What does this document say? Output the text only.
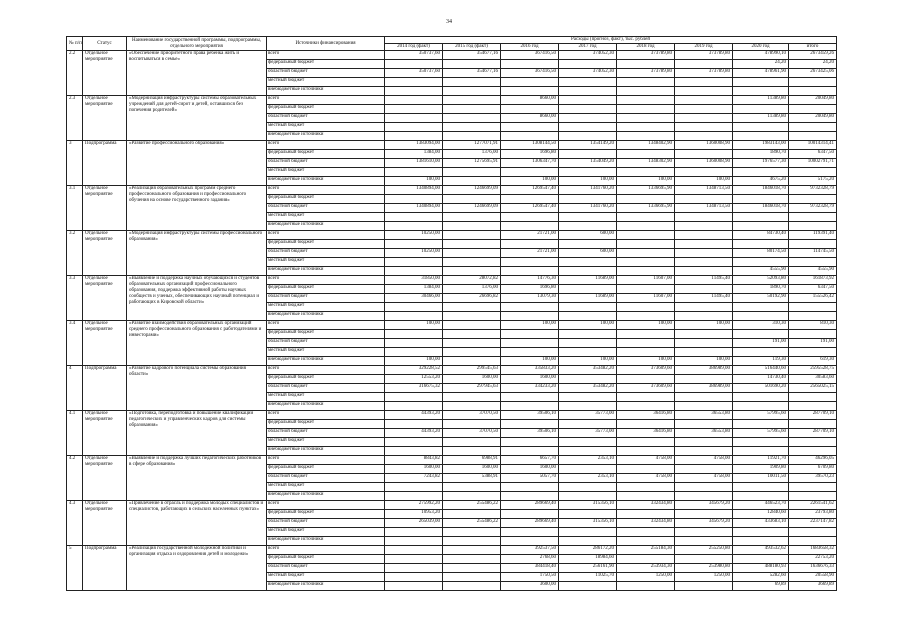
34
№ п/п	Статус	Наименование государственной программы, подпрограммы, отдельного мероприятия	Источники финансирования	Расходы (прогноз, факт), тыс. рублей							
				2014 год (факт)	2015 год (факт)	2016 год	2017 год	2018 год	2019 год	2020 год	итого
2.2	Отдельное мероприятие	«Обеспечение приоритетного права ребёнка жить и воспитываться в семье»	всего	350737,60	354677,16	367416,50	374052,30	373789,80	373789,80	478990,10	2673459,26
			федеральный бюджет							24,20	24,20
			областной бюджет	350737,60	354677,16	367416,50	374052,30	373789,80	373789,80	478961,90	2673425,06
			местный бюджет								
			внебюджетные источники								
2.3	Отдельное мероприятие	«Модернизация инфраструктуры системы образовательных учреждений для детей-сирот и детей, оставшихся без попечения родителей»	всего			8660,00				11389,80	20049,80
			федеральный бюджет								
			областной бюджет			8660,00				11389,80	20049,80
			местный бюджет								
			внебюджетные источники								
3	Подпрограмма	«Развитие профессионального образования»	всего	1383094,00	1277071,91	1308144,50	1354149,20	1348402,90	1360008,90	1983143,00	10014314,41
			федеральный бюджет	1384,00	1376,00	1696,80				1890,70	6347,50
			областной бюджет	1381610,00	1275695,91	1306347,70	1354049,20	1348302,90	1360008,90	1976577,30	10002791,71
			местный бюджет								
			внебюджетные источники	100,00		100,00	100,00	100,00	100,00	4675,20	5175,20
3.1	Отдельное мероприятие	«Реализация образовательных программ среднего профессионального образования и профессионального обучения на основе государственного задания»	всего	1340894,00	1246699,09	1269547,40	1341760,20	1336695,90	1348713,50	1846018,70	9732328,79
			федеральный бюджет								
			областной бюджет	1340894,00	1246699,09	1269547,40	1341760,20	1336695,90	1348713,50	1846018,70	9732328,79
			местный бюджет								
			внебюджетные источники								
3.2	Отдельное мероприятие	«Модернизация инфраструктуры системы профессионального образования»	всего	10250,00		21721,00	600,00			84730,40	119391,40
			федеральный бюджет								
			областной бюджет	10250,00		21721,00	600,00			80174,50	114745,50
			местный бюджет								
			внебюджетные источники							4555,90	4555,90
3.3	Отдельное мероприятие	«Выявление и поддержка научных обучающихся и студентов образовательных организаций профессионального образования, поддержка эффективной работы научных сообществ и ученых, обеспечивающих научный потенциал и работающих в Кировской области»	всего	31850,00	28072,82	14776,30	11689,00	11607,00	11495,40	52093,80	161873,92
			федеральный бюджет	1384,00	1376,00	1696,80				1890,70	6347,50
			областной бюджет	30466,00	26696,82	13079,30	11689,00	11607,00	11495,40	50192,90	155526,42
			местный бюджет								
			внебюджетные источники								
3.4	Отдельное мероприятие	«Развитие взаимодействия образовательных организаций среднего профессионального образования с работодателями и инвесторами»	всего	100,00		100,00	100,00	100,00	100,00	310,30	810,30
			федеральный бюджет								
			областной бюджет							191,00	191,00
			местный бюджет								
			внебюджетные источники	100,00		100,00	100,00	100,00	100,00	119,30	619,30
4	Подпрограмма	«Развитие кадрового потенциала системы образования области»	всего	329228,52	299545,63	335833,20	353482,20	373609,60	386989,00	516440,60	2595528,75
			федеральный бюджет	12553,20	1600,00	1600,00				14730,40	30583,60
			областной бюджет	316675,32	297945,63	334233,20	353482,20	373609,60	386989,00	501690,20	2565025,15
			местный бюджет								
			внебюджетные источники								
4.1	Отдельное мероприятие	«Подготовка, переподготовка и повышение квалификации педагогических и управленческих кадров для системы образования»	всего	44393,20	37070,50	39506,10	35773,00	36416,80	36553,80	57995,60	287709,10
			федеральный бюджет								
			областной бюджет	44393,20	37070,50	39506,10	35773,00	36416,80	36553,80	57995,60	287709,10
			местный бюджет								
			внебюджетные источники								
4.2	Отдельное мероприятие	«Выявление и поддержка лучших педагогических работников в сфере образования»	всего	8843,82	6988,91	6657,70	2353,10	4758,00	4758,00	11921,70	46296,05
			федеральный бюджет	1600,00	1600,00	1600,00				1909,80	6709,80
			областной бюджет	7243,82	5388,91	5057,70	2353,10	4758,00	4758,00	10011,50	39570,23
			местный бюджет								
			внебюджетные источники								
4.3	Отдельное мероприятие	«Привлечение в отрасль и поддержка молодых специалистов и специалистов, работающих в сельских населенных пунктах»	всего	275992,20	255486,22	289669,40	315356,10	332434,80	345679,20	446523,70	2261541,62
			федеральный бюджет	10953,20						12840,60	23793,80
			областной бюджет	265039,00	255486,22	289669,40	315356,10	332434,80	345679,20	433683,10	2237147,82
			местный бюджет								
			внебюджетные источники								
5	Подпрограмма	«Реализация государственной молодежной политики и организация отдыха и оздоровления детей и молодежи»	всего			392537,50	286172,20	255184,30	255250,80	493532,62	1683658,32
			федеральный бюджет			2768,60	18984,60				22753,20
			областной бюджет			384418,40	256161,90	253934,30	253980,80	488180,93	1636676,33
			местный бюджет			1750,50	11025,70	1250,00	1250,00	5282,60	20558,90
			внебюджетные источники			3600,00				69,89	3669,89
